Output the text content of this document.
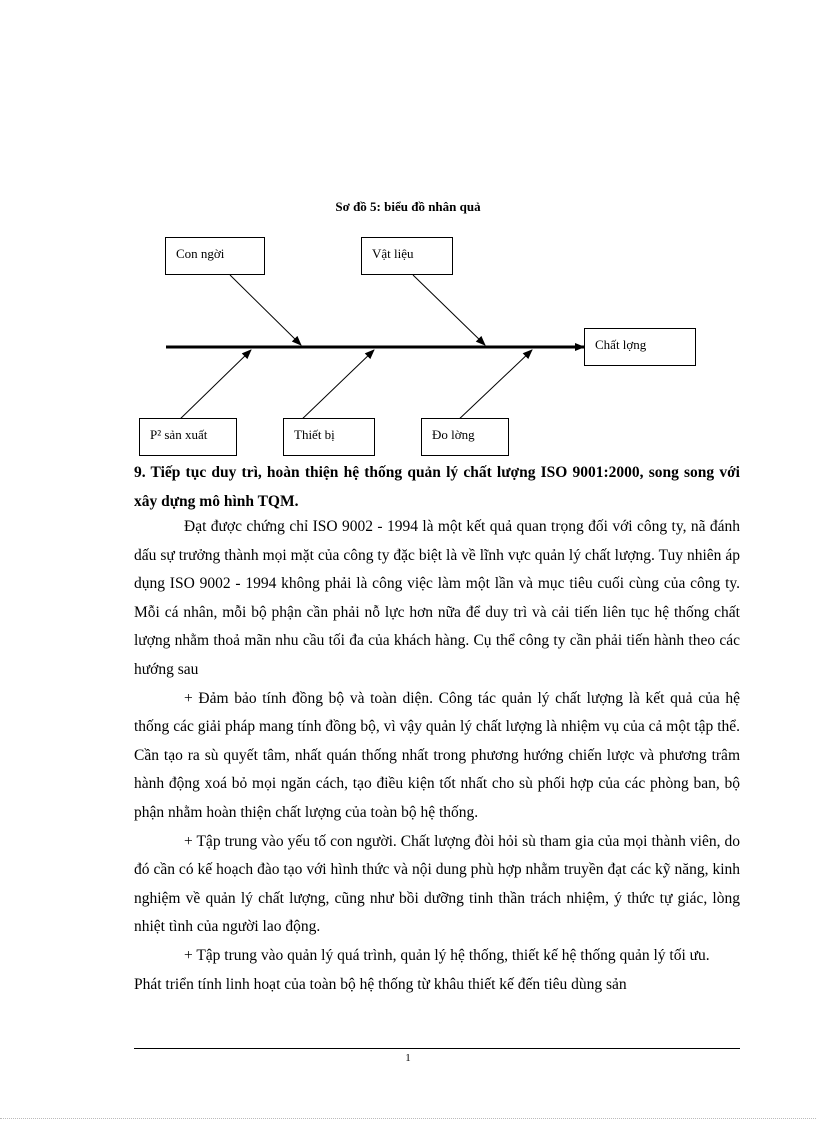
Sơ đồ 5: biểu đồ nhân quả
Con ngời	Vật liệu
Chất lợng
P² sản xuất	Thiết bị	Đo lờng
9. Tiếp tục duy trì, hoàn thiện hệ thống quản lý chất lượng ISO 9001:2000, song song với xây dựng mô hình TQM.

Đạt được chứng chỉ ISO 9002 - 1994 là một kết quả quan trọng đối với công ty, nã đánh dấu sự trưởng thành mọi mặt của công ty đặc biệt là về lĩnh vực quản lý chất lượng. Tuy nhiên áp dụng ISO 9002 - 1994 không phải là công việc làm một lần và mục tiêu cuối cùng của công ty. Mỗi cá nhân, mỗi bộ phận cần phải nỗ lực hơn nữa để duy trì và cải tiến liên tục hệ thống chất lượng nhằm thoả mãn nhu cầu tối đa của khách hàng. Cụ thể công ty cần phải tiến hành theo các hướng sau

+ Đảm bảo tính đồng bộ và toàn diện. Công tác quản lý chất lượng là kết quả của hệ thống các giải pháp mang tính đồng bộ, vì vậy quản lý chất lượng là nhiệm vụ của cả một tập thể. Cần tạo ra sù quyết tâm, nhất quán thống nhất trong phương hướng chiến lược và phương trâm hành động xoá bỏ mọi ngăn cách, tạo điều kiện tốt nhất cho sù phối hợp của các phòng ban, bộ phận nhằm hoàn thiện chất lượng của toàn bộ hệ thống.

+ Tập trung vào yếu tố con người. Chất lượng đòi hỏi sù tham gia của mọi thành viên, do đó cần có kế hoạch đào tạo với hình thức và nội dung phù hợp nhằm truyền đạt các kỹ năng, kinh nghiệm về quản lý chất lượng, cũng như bồi dưỡng tinh thần trách nhiệm, ý thức tự giác, lòng nhiệt tình của người lao động.

+ Tập trung vào quản lý quá trình, quản lý hệ thống, thiết kế hệ thống quản lý tối ưu. Phát triển tính linh hoạt của toàn bộ hệ thống từ khâu thiết kế đến tiêu dùng sản

1
